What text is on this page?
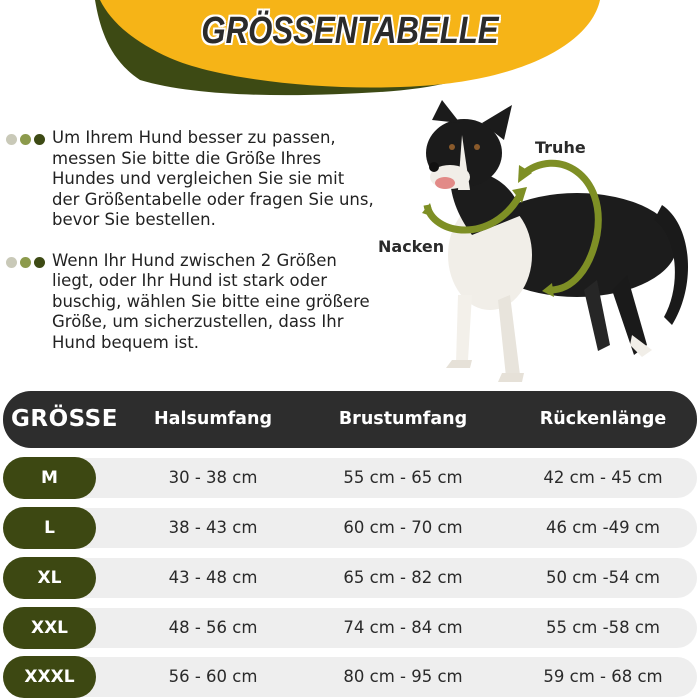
GRÖSSENTABELLE
Um Ihrem Hund besser zu passen, messen Sie bitte die Größe Ihres Hundes und vergleichen Sie sie mit der Größentabelle oder fragen Sie uns, bevor Sie bestellen.
Wenn Ihr Hund zwischen 2 Größen liegt, oder Ihr Hund ist stark oder buschig, wählen Sie bitte eine größere Größe, um sicherzustellen, dass Ihr Hund bequem ist.
Truhe
Nacken
GRÖSSE	Halsumfang	Brustumfang	Rückenlänge
M	30 - 38 cm	55 cm - 65 cm	42 cm - 45 cm
L	38 - 43 cm	60 cm - 70 cm	46 cm -49 cm
XL	43 - 48 cm	65 cm - 82 cm	50 cm -54 cm
XXL	48 - 56 cm	74 cm - 84 cm	55 cm -58 cm
XXXL	56 - 60 cm	80 cm - 95 cm	59 cm - 68 cm
